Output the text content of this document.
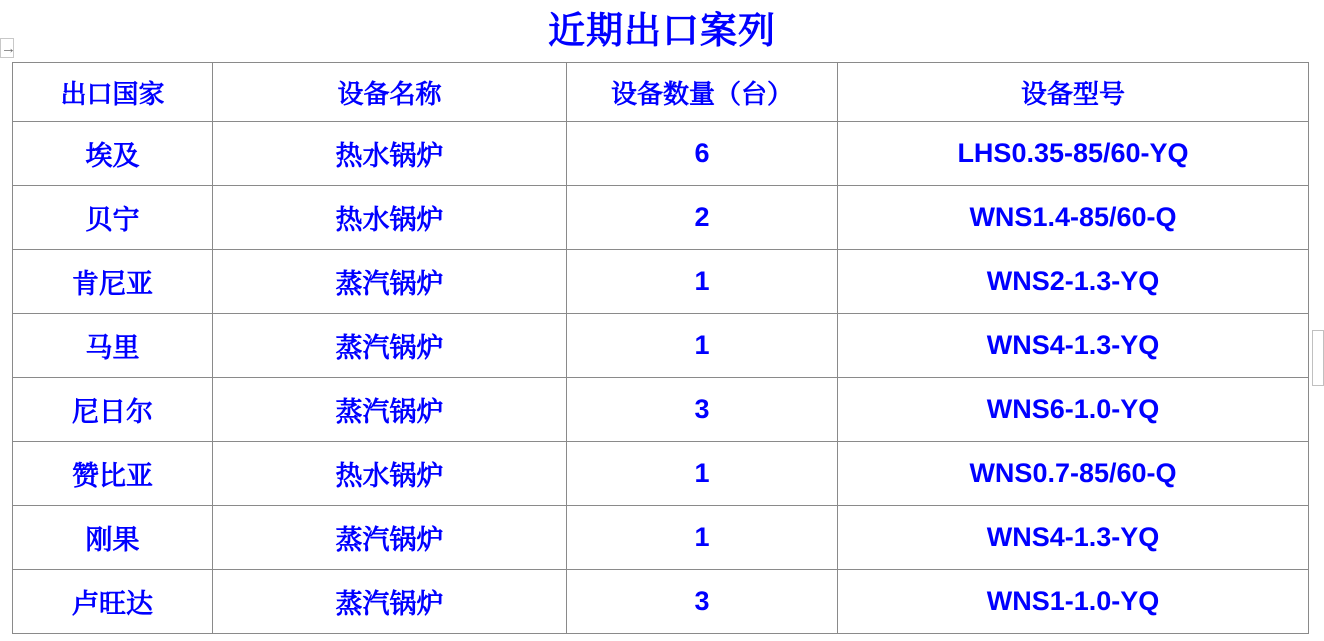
→	近期出口案列
出口国家	设备名称	设备数量（台）	设备型号
埃及	热水锅炉	6	LHS0.35-85/60-YQ
贝宁	热水锅炉	2	WNS1.4-85/60-Q
肯尼亚	蒸汽锅炉	1	WNS2-1.3-YQ
马里	蒸汽锅炉	1	WNS4-1.3-YQ
尼日尔	蒸汽锅炉	3	WNS6-1.0-YQ
赞比亚	热水锅炉	1	WNS0.7-85/60-Q
刚果	蒸汽锅炉	1	WNS4-1.3-YQ
卢旺达	蒸汽锅炉	3	WNS1-1.0-YQ
